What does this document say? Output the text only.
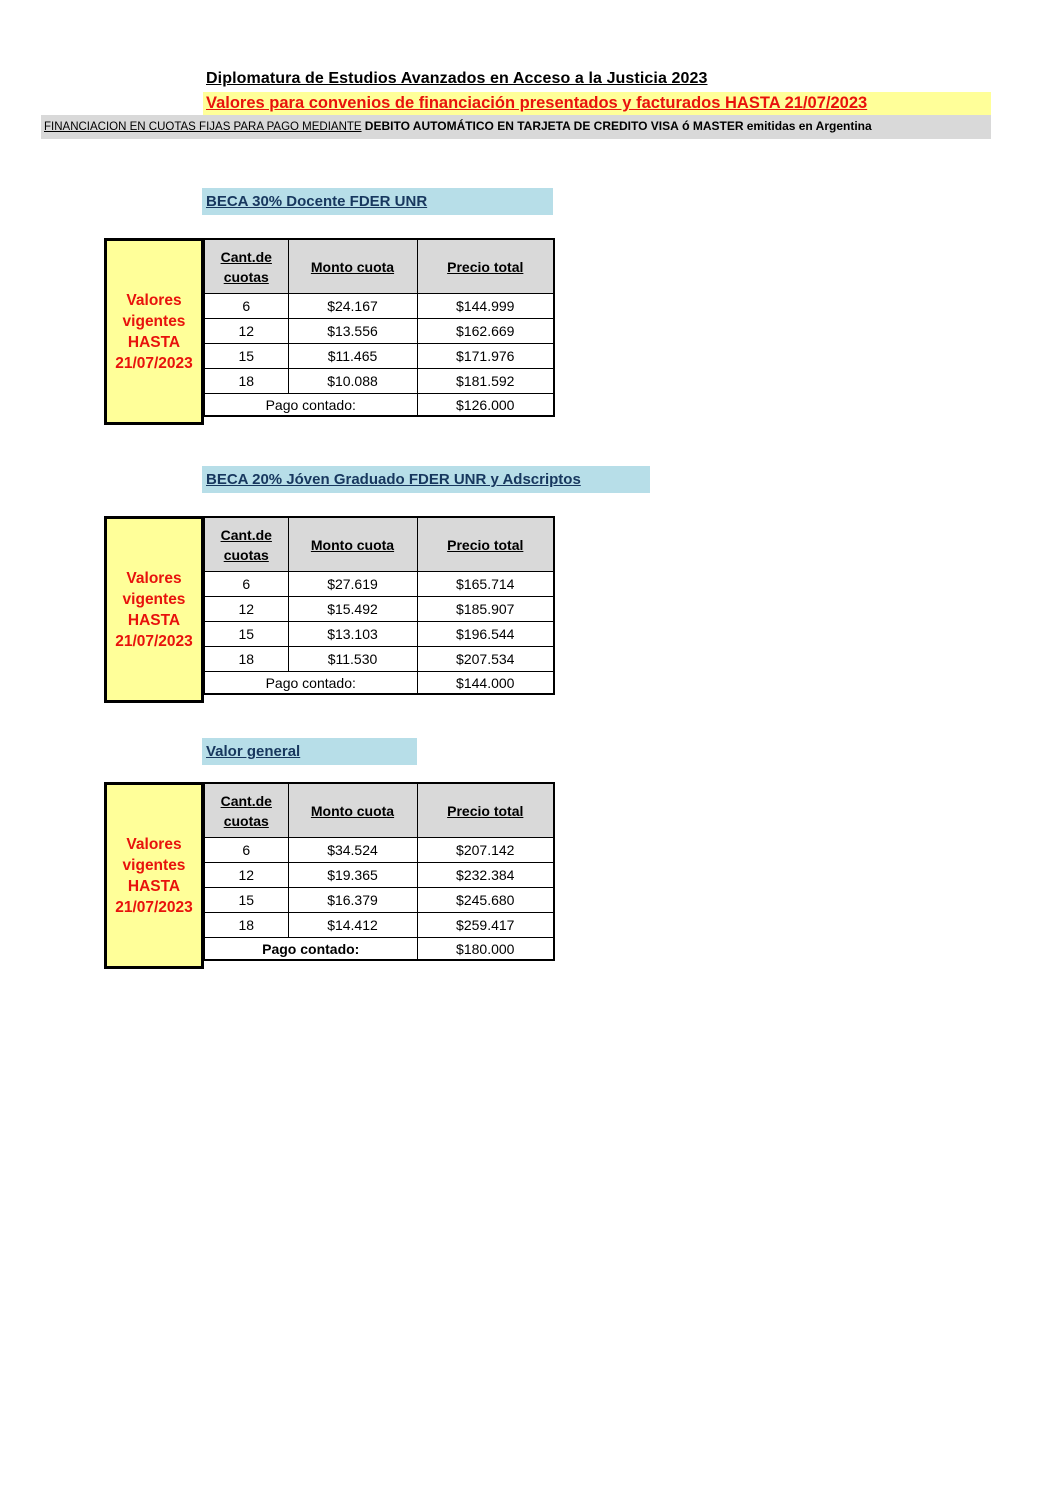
Diplomatura de Estudios Avanzados en Acceso a la Justicia 2023
Valores para convenios de financiación presentados y facturados HASTA 21/07/2023
FINANCIACION EN CUOTAS FIJAS PARA PAGO MEDIANTE DEBITO AUTOMÁTICO EN TARJETA DE CREDITO VISA ó MASTER emitidas en Argentina
BECA 30% Docente FDER UNR
Valores
vigentes
HASTA
21/07/2023
Cant.de
cuotas	Monto cuota	Precio total
6	$24.167	$144.999
12	$13.556	$162.669
15	$11.465	$171.976
18	$10.088	$181.592
Pago contado:		$126.000
BECA 20% Jóven Graduado FDER UNR y Adscriptos
Valores
vigentes
HASTA
21/07/2023
Cant.de
cuotas	Monto cuota	Precio total
6	$27.619	$165.714
12	$15.492	$185.907
15	$13.103	$196.544
18	$11.530	$207.534
Pago contado:		$144.000
Valor general
Valores
vigentes
HASTA
21/07/2023
Cant.de
cuotas	Monto cuota	Precio total
6	$34.524	$207.142
12	$19.365	$232.384
15	$16.379	$245.680
18	$14.412	$259.417
Pago contado:		$180.000
